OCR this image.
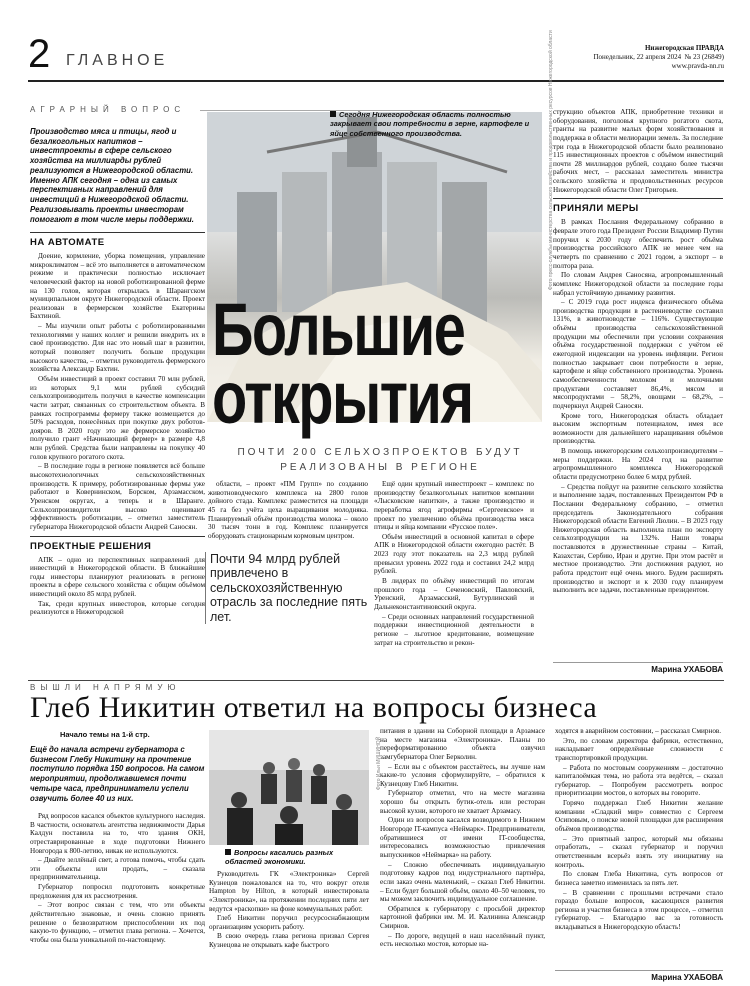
2 ГЛАВНОЕ
Нижегородская ПРАВДА
Понедельник, 22 апреля 2024 № 23 (26849)
www.pravda-nn.ru
АГРАРНЫЙ ВОПРОС
Производство мяса и птицы, ягод и безалкогольных напитков – инвестпроекты в сфере сельского хозяйства на миллиарды рублей реализуются в Нижегородской области. Именно АПК сегодня – одна из самых перспективных направлений для инвестиций в Нижегородской области. Реализовывать проекты инвесторам помогают в том числе меры поддержки.
Сегодня Нижегородская область полностью закрывает свои потребности в зерне, картофеле и яйце собственного производства.	Фото пресс-службы министерства сельского хозяйства и продовольственных ресурсов Нижегородской области
Большие
открытия
ПОЧТИ 200 СЕЛЬХОЗПРОЕКТОВ БУДУТ РЕАЛИЗОВАНЫ В РЕГИОНЕ
НА АВТОМАТЕ

Доение, кормление, уборка помещения, управление микроклиматом – всё это выполняется в автоматическом режиме и практически полностью исключает человеческий фактор на новой роботизированной ферме на 130 голов, которая открылась в Шарангском муниципальном округе Нижегородской области. Проект реализован в фермерском хозяйстве Екатерины Бахтиной.

– Мы изучили опыт работы с роботизированными технологиями у наших коллег и решили внедрить их в своё производство. Для нас это новый шаг в развитии, который позволяет получить больше продукции высокого качества, – отметил руководитель фермерского хозяйства Александр Бахтин.

Объём инвестиций в проект составил 70 млн рублей, из которых 9,1 млн рублей субсидий сельхозпроизводитель получил в качестве компенсации части затрат, связанных со строительством объекта. В рамках госпрограммы фермеру также возмещается до 50% расходов, понесённых при покупке двух роботов-дояров. В 2020 году это же фермерское хозяйство получило грант «Начинающий фермер» в размере 4,8 млн рублей. Средства были направлены на покупку 40 голов крупного рогатого скота.

– В последние годы в регионе появляется всё больше высокотехнологичных сельскохозяйственных производств. К примеру, роботизированные фермы уже работают в Ковернинском, Борском, Арзамасском, Уренском округах, а теперь и в Шаранге. Сельхозпроизводители высоко оценивают эффективность роботизации, – отметил заместитель губернатора Нижегородской области Андрей Саносян.

ПРОЕКТНЫЕ РЕШЕНИЯ

АПК – одно из перспективных направлений для инвестиций в Нижегородской области. В ближайшие годы инвесторы планируют реализовать в регионе проекты в сфере сельского хозяйства с общим объёмом инвестиций около 85 млрд рублей.

Так, среди крупных инвесторов, которые сегодня реализуются в Нижегородской

области, – проект «ПМ Групп» по созданию животноводческого комплекса на 2800 голов дойного стада. Комплекс разместится на площади 45 га без учёта цеха выращивания молодняка. Планируемый объём производства молока – около 30 тысяч тонн в год. Комплекс планируется оборудовать стационарным кормовым центром.

Почти 94 млрд рублей привлечено в сельскохозяйственную отрасль за последние пять лет.

Ещё один крупный инвестпроект – комплекс по производству безалкогольных напитков компании «Лысковские напитки», а также производство и переработка ягод агрофирмы «Сергеевское» и проект по увеличению объёма производства мяса птицы и яйца компании «Русское поле».

Объём инвестиций в основной капитал в сфере АПК в Нижегородской области ежегодно растёт. В 2023 году этот показатель на 2,3 млрд рублей превысил уровень 2022 года и составил 24,2 млрд рублей.

В лидерах по объёму инвестиций по итогам прошлого года – Сеченовский, Павловский, Уренский, Арзамасский, Бутурлинский и Дальнеконстантиновский округа.

– Среди основных направлений государственной поддержки инвестиционной деятельности в регионе – льготное кредитование, возмещение затрат на строительство и рекон-

струкцию объектов АПК, приобретение техники и оборудования, поголовья крупного рогатого скота, гранты на развитие малых форм хозяйствования и поддержка в области мелиорации земель. За последние три года в Нижегородской области было реализовано 115 инвестиционных проектов с объёмом инвестиций почти 28 миллиардов рублей, создано более тысячи рабочих мест, – рассказал заместитель министра сельского хозяйства и продовольственных ресурсов Нижегородской области Олег Григорьев.

ПРИНЯЛИ МЕРЫ

В рамках Послания Федеральному собранию в феврале этого года Президент России Владимир Путин поручил к 2030 году обеспечить рост объёма производства российского АПК не менее чем на четверть по сравнению с 2021 годом, а экспорт – в полтора раза.

По словам Андрея Саносяна, агропромышленный комплекс Нижегородской области за последние годы набрал устойчивую динамику развития.

– С 2019 года рост индекса физического объёма производства продукции в растениеводстве составил 131%, в животноводстве – 116%. Существующие объёмы производства сельскохозяйственной продукции мы обеспечили при условии сохранения объёма государственной поддержки с учётом её ежегодной индексации на уровень инфляции. Регион полностью закрывает свои потребности в зерне, картофеле и яйце собственного производства. Уровень самообеспеченности молоком и молочными продуктами составляет 86,4%, мясом и мясопродуктами – 58,2%, овощами – 68,2%, – подчеркнул Андрей Саносян.

Кроме того, Нижегородская область обладает высоким экспортным потенциалом, имея все возможности для дальнейшего наращивания объёмов производства.

В помощь нижегородским сельхозпроизводителям – меры поддержки. На 2024 год на развитие агропромышленного комплекса Нижегородской области предусмотрено более 6 млрд рублей.

– Средства пойдут на развитие сельского хозяйства и выполнение задач, поставленных Президентом РФ в Послании Федеральному собранию, – отметил председатель Законодательного собрания Нижегородской области Евгений Люлин. – В 2023 году Нижегородская область выполнила план по экспорту сельхозпродукции на 132%. Наши товары поставляются в дружественные страны – Китай, Казахстан, Сербию, Иран и другие. При этом растёт и местное производство. Эти достижения радуют, но работа предстоит ещё очень много. Будем расширять производство и экспорт и к 2030 году планируем выполнить все задачи, поставленные президентом.

Марина УХАБОВА
ВЫШЛИ НАПРЯМУЮ
Глеб Никитин ответил на вопросы бизнеса
Начало темы на 1-й стр.
Ещё до начала встречи губернатора с бизнесом Глебу Никитину на прочтение поступило порядка 150 вопросов. На самом мероприятии, продолжавшемся почти четыре часа, предприниматели успели озвучить более 40 из них.

Ряд вопросов касался объектов культурного наследия. В частности, основатель агентства недвижимости Дарья Калдун поставила на то, что здания ОКН, отреставрированные в ходе подготовки Нижнего Новгорода к 800-летию, никак не используются.

– Двайте зеллёный свет, а готова помочь, чтобы сдать эти объекты или продать, – сказала предпринимательница.

Губернатор попросил подготовить конкретные предложения для их рассмотрения.

– Этот вопрос связан с тем, что эти объекты действительно знаковые, и очень сложно принять решение о безвозвратном приспособлении их под какую-то функцию, – отметил глава региона. – Хочется, чтобы она была уникальной по-настоящему.

Фото Ильи МИШИНОЙ
Вопросы касались разных областей экономики.

Руководитель ГК «Электроника» Сергей Кузнецов пожаловался на то, что вокруг отеля Hampton by Hilton, в который инвестировала «Электроника», на протяжении последних пяти лет ведутся «раскопки» на фоне коммунальных работ.

Глеб Никитин поручил ресурсоснабжающим организациям ускорить работу.

В свою очередь глава региона призвал Сергея Кузнецова не открывать кафе быстрого

питания в здании на Соборной площади в Арзамасе на месте магазина «Электроника». Планы по переформатированию объекта озвучил замгубернатора Олег Берколин.

– Если вы с объектом расстаётесь, вы лучше нам какие-то условия сформулируйте, – обратился к Кузнецову Глеб Никитин.

Губернатор отметил, что на месте магазина хорошо бы открыть бутик-отель или ресторан высокой кухни, которого не хватает Арзамасу.

Один из вопросов касался возводимого в Нижнем Новгороде IT-кампуса «Неймарк». Предприниматели, обратившиеся от имени IT-сообщества, интересовались возможностью привлечения выпускников «Неймарка» на работу.

– Сложно обеспечивать индивидуальную подготовку кадров под индустриального партнёра, если заказ очень маленький, – сказал Глеб Никитин. – Если будет большой объём, около 40–50 человек, то мы можем заключить индивидуальное соглашение.

Обратился к губернатору с просьбой директор картонной фабрики им. М. И. Калинина Александр Смирнов.

– По дороге, ведущей в наш населённый пункт, есть несколько мостов, которые на-

ходятся в аварийном состоянии, – рассказал Смирнов.

Это, по словам директора фабрики, естественно, накладывает определённые сложности с транспортировкой продукции.

– Работа по мостовым сооружениям – достаточно капиталоёмкая тема, но работа эта ведётся, – сказал губернатор. – Попробуем рассмотреть вопрос приоритизации мостов, о которых вы говорите.

Горячо поддержал Глеб Никитин желание компании «Сладкий мир» совместно с Сергеем Осиповым, о поиске новой площадки для расширения объёмов производства.

– Это приятный запрос, который мы обязаны отработать, – сказал губернатор и поручил ответственным всерьёз взять эту инициативу на контроль.

По словам Глеба Никитина, суть вопросов от бизнеса заметно изменилась за пять лет.

– В сравнении с прошлыми встречами стало гораздо больше вопросов, касающихся развития региона и участия бизнеса в этом процессе, – отметил губернатор. – Благодарю вас за готовность вкладываться в Нижегородскую область!

Марина УХАБОВА
